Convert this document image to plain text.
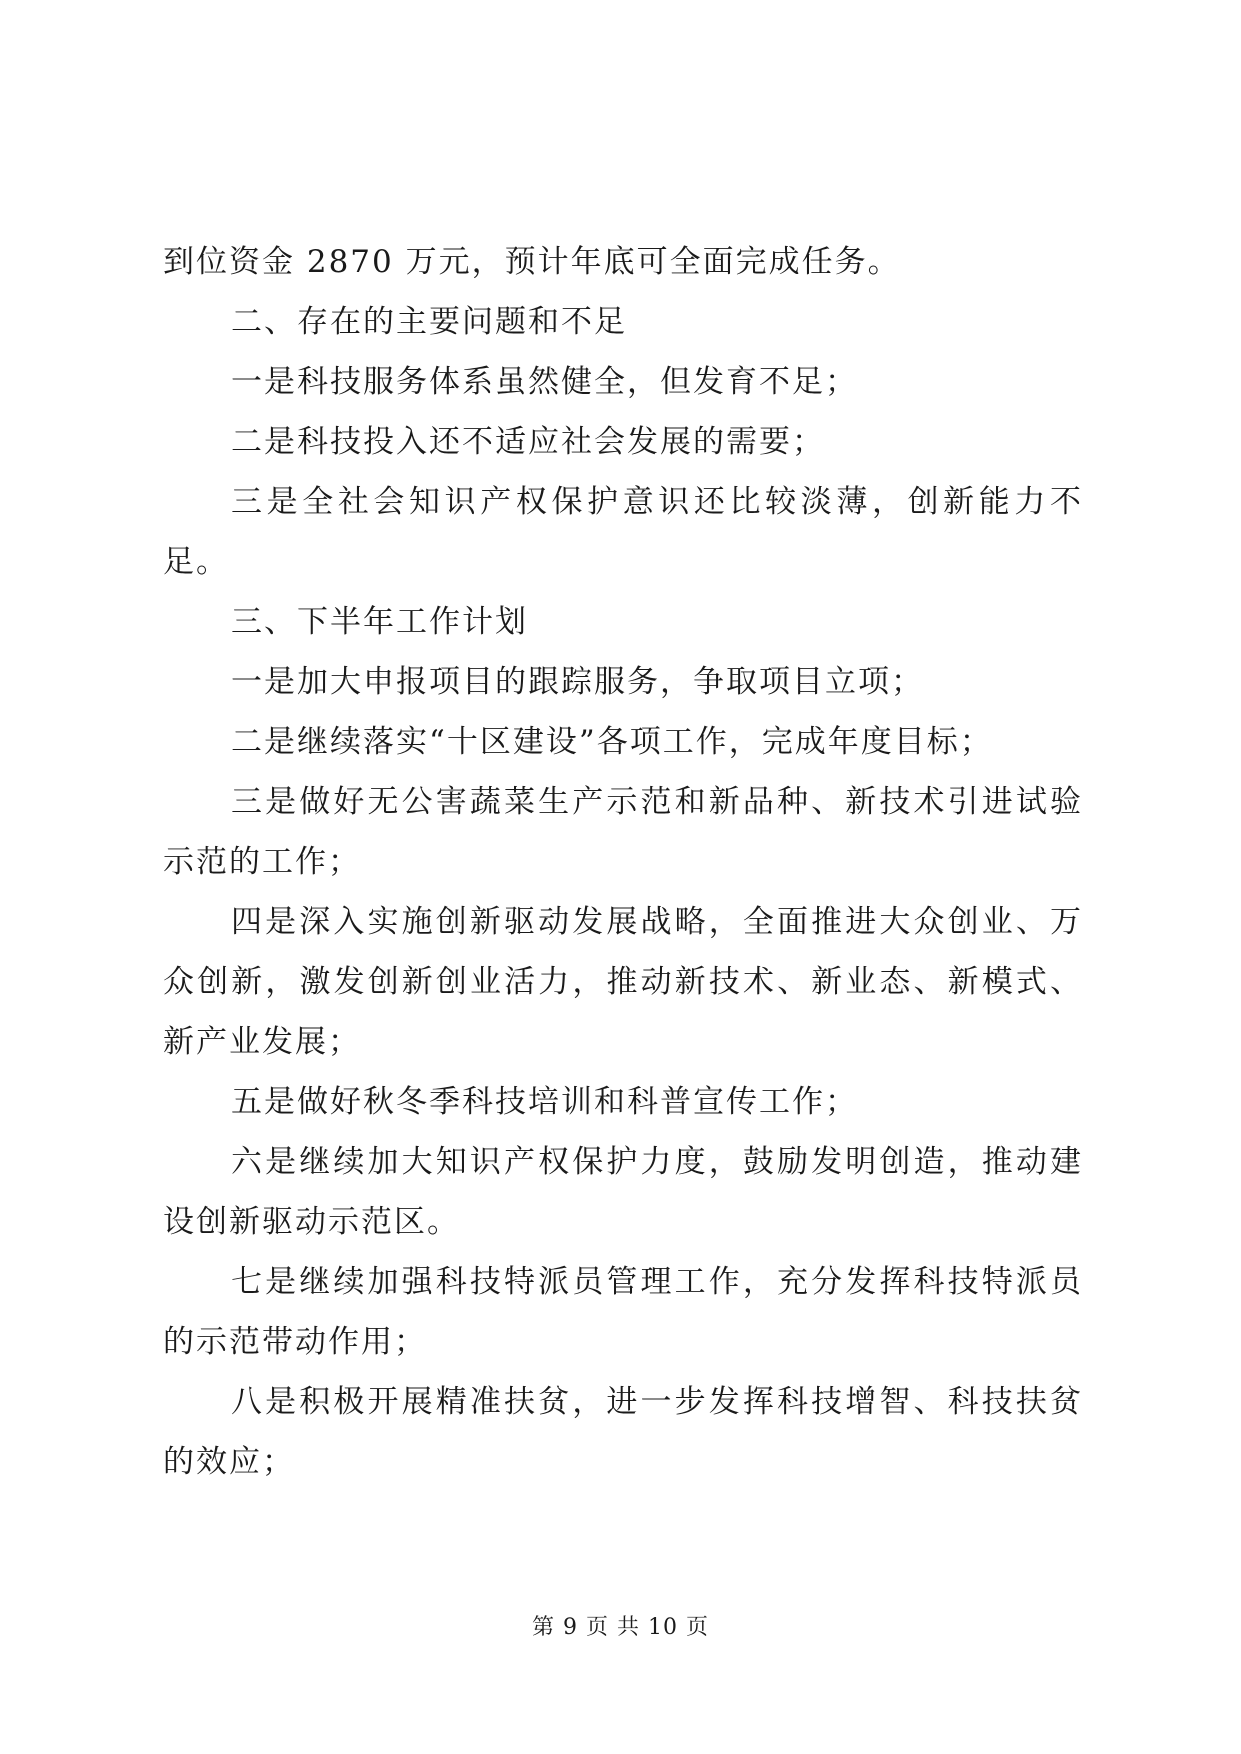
到位资金 2870 万元，预计年底可全面完成任务。

二、存在的主要问题和不足

一是科技服务体系虽然健全，但发育不足；

二是科技投入还不适应社会发展的需要；

三是全社会知识产权保护意识还比较淡薄，创新能力不足。

三、下半年工作计划

一是加大申报项目的跟踪服务，争取项目立项；

二是继续落实“十区建设”各项工作，完成年度目标；

三是做好无公害蔬菜生产示范和新品种、新技术引进试验示范的工作；

四是深入实施创新驱动发展战略，全面推进大众创业、万众创新，激发创新创业活力，推动新技术、新业态、新模式、新产业发展；

五是做好秋冬季科技培训和科普宣传工作；

六是继续加大知识产权保护力度，鼓励发明创造，推动建设创新驱动示范区。

七是继续加强科技特派员管理工作，充分发挥科技特派员的示范带动作用；

八是积极开展精准扶贫，进一步发挥科技增智、科技扶贫的效应；

第 9 页 共 10 页
